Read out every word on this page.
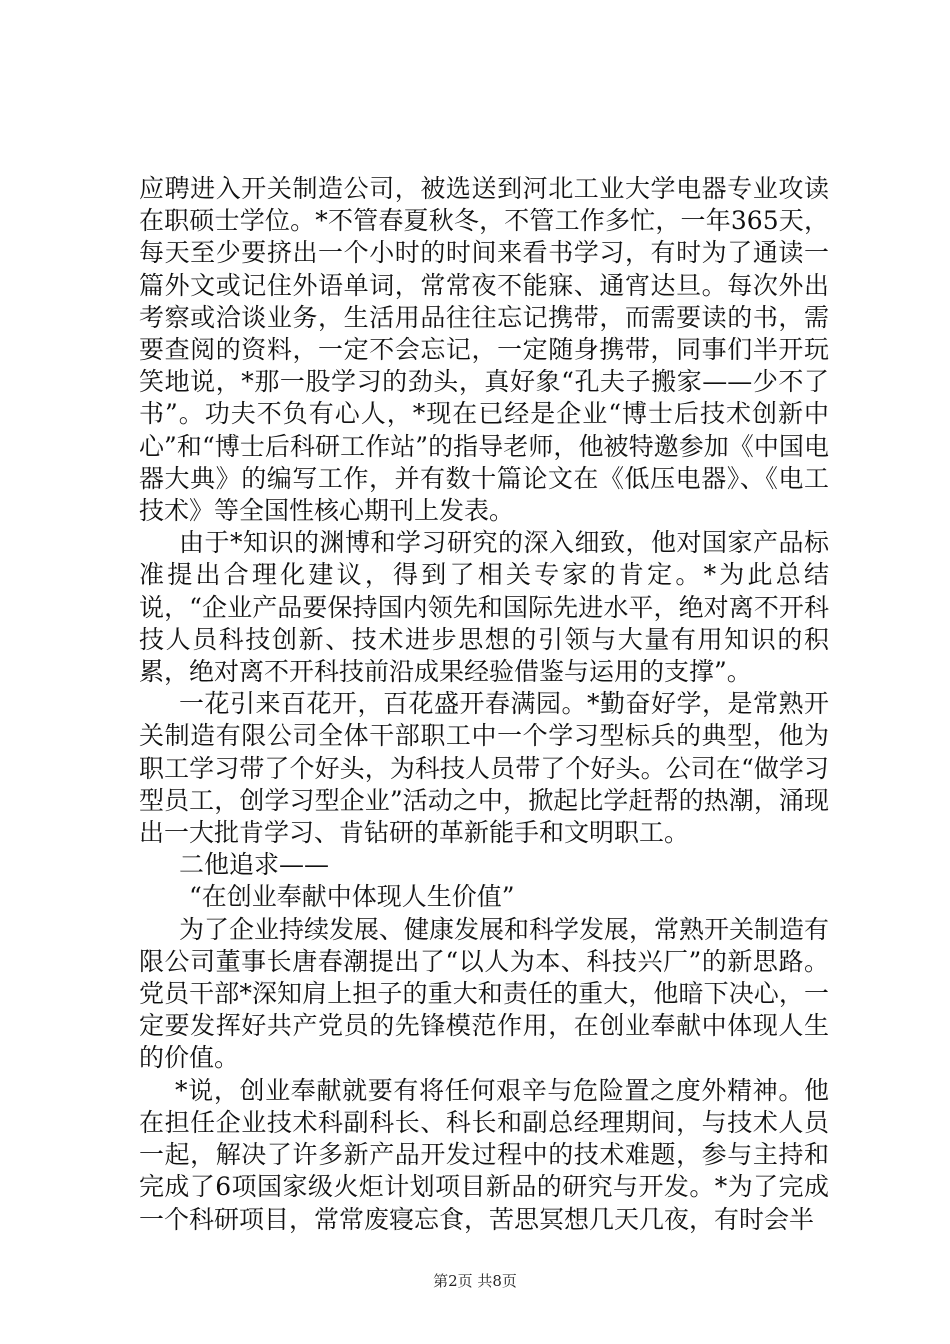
应聘进入开关制造公司，被选送到河北工业大学电器专业攻读在职硕士学位。*不管春夏秋冬，不管工作多忙，一年365天，每天至少要挤出一个小时的时间来看书学习，有时为了通读一篇外文或记住外语单词，常常夜不能寐、通宵达旦。每次外出考察或洽谈业务，生活用品往往忘记携带，而需要读的书，需要查阅的资料，一定不会忘记，一定随身携带，同事们半开玩笑地说，*那一股学习的劲头，真好象“孔夫子搬家——少不了书”。功夫不负有心人，*现在已经是企业“博士后技术创新中心”和“博士后科研工作站”的指导老师，他被特邀参加《中国电器大典》的编写工作，并有数十篇论文在《低压电器》、《电工技术》等全国性核心期刊上发表。

由于*知识的渊博和学习研究的深入细致，他对国家产品标准提出合理化建议，得到了相关专家的肯定。*为此总结说，“企业产品要保持国内领先和国际先进水平，绝对离不开科技人员科技创新、技术进步思想的引领与大量有用知识的积累，绝对离不开科技前沿成果经验借鉴与运用的支撑”。

一花引来百花开，百花盛开春满园。*勤奋好学，是常熟开关制造有限公司全体干部职工中一个学习型标兵的典型，他为职工学习带了个好头，为科技人员带了个好头。公司在“做学习型员工，创学习型企业”活动之中，掀起比学赶帮的热潮，涌现出一大批肯学习、肯钻研的革新能手和文明职工。

二他追求——

“在创业奉献中体现人生价值”

为了企业持续发展、健康发展和科学发展，常熟开关制造有限公司董事长唐春潮提出了“以人为本、科技兴厂”的新思路。党员干部*深知肩上担子的重大和责任的重大，他暗下决心，一定要发挥好共产党员的先锋模范作用，在创业奉献中体现人生的价值。

*说，创业奉献就要有将任何艰辛与危险置之度外精神。他在担任企业技术科副科长、科长和副总经理期间，与技术人员一起，解决了许多新产品开发过程中的技术难题，参与主持和完成了6项国家级火炬计划项目新品的研究与开发。*为了完成一个科研项目，常常废寝忘食，苦思冥想几天几夜，有时会半

第2页 共8页
